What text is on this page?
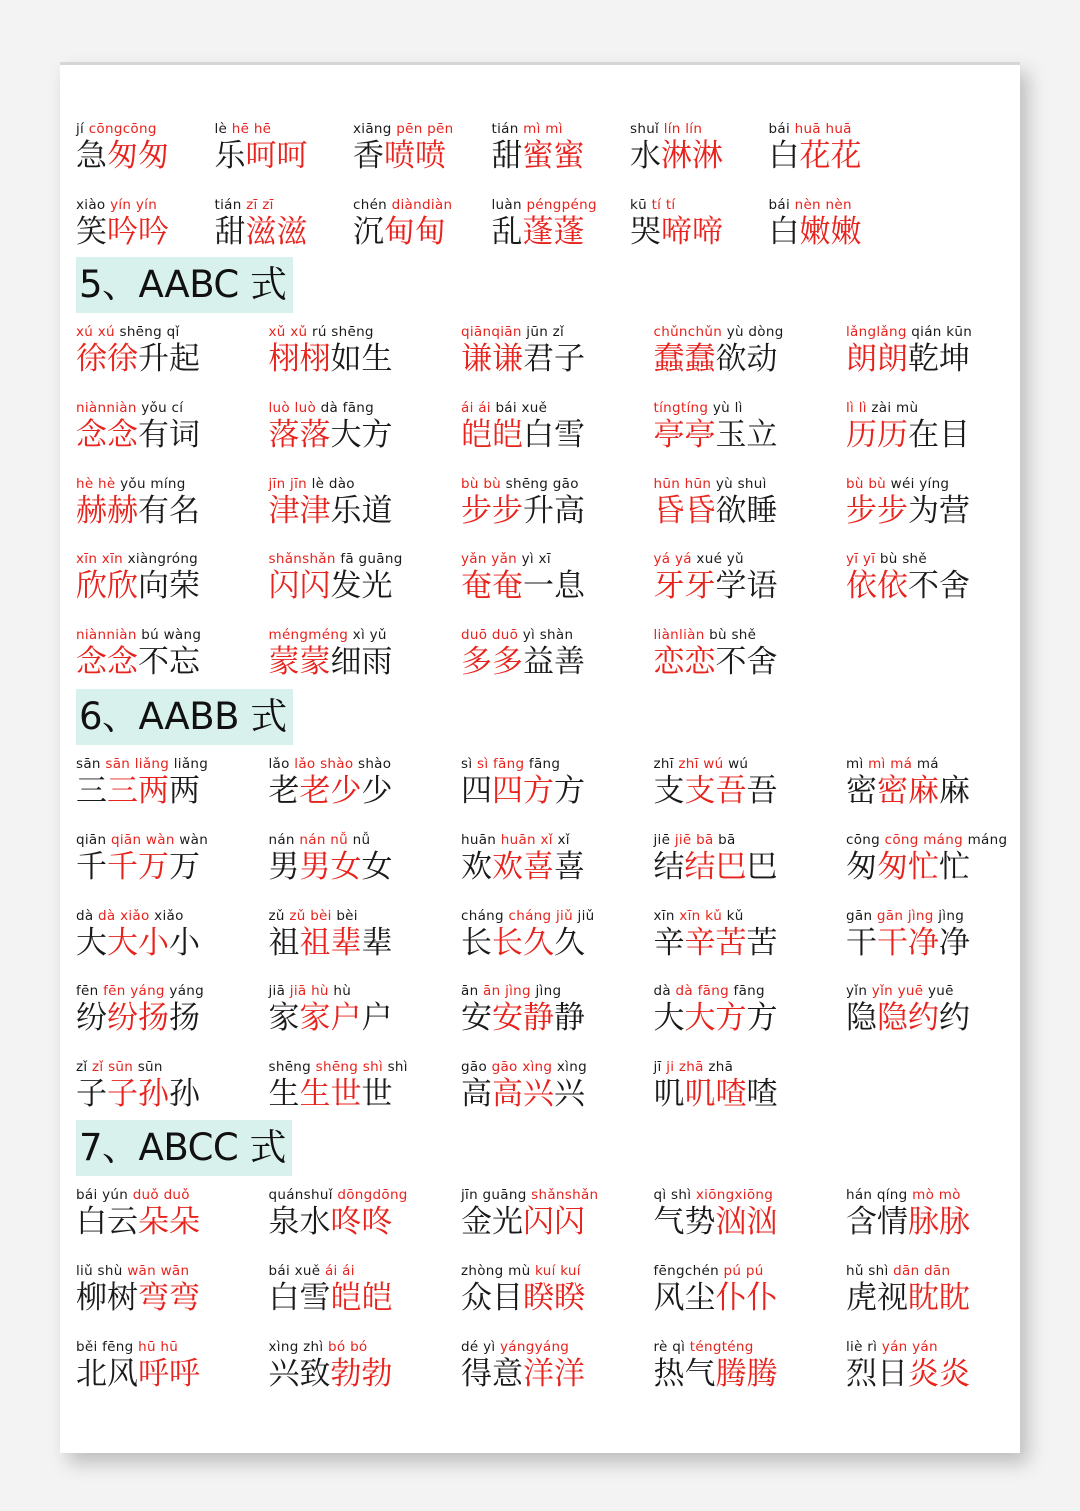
jí cōngcōng
急匆匆
lè hē hē
乐呵呵
xiāng pēn pēn
香喷喷
tián mì mì
甜蜜蜜
shuǐ lín lín
水淋淋
bái huā huā
白花花
xiào yín yín
笑吟吟
tián zī zī
甜滋滋
chén diàndiàn
沉甸甸
luàn péngpéng
乱蓬蓬
kū tí tí
哭啼啼
bái nèn nèn
白嫩嫩
5、AABC 式
xú xú shēng qǐ
徐徐升起
xǔ xǔ rú shēng
栩栩如生
qiānqiān jūn zǐ
谦谦君子
chǔnchǔn yù dòng
蠢蠢欲动
lǎnglǎng qián kūn
朗朗乾坤
niànniàn yǒu cí
念念有词
luò luò dà fāng
落落大方
ái ái bái xuě
皑皑白雪
tíngtíng yù lì
亭亭玉立
lì lì zài mù
历历在目
hè hè yǒu míng
赫赫有名
jīn jīn lè dào
津津乐道
bù bù shēng gāo
步步升高
hūn hūn yù shuì
昏昏欲睡
bù bù wéi yíng
步步为营
xīn xīn xiàngróng
欣欣向荣
shǎnshǎn fā guāng
闪闪发光
yǎn yǎn yì xī
奄奄一息
yá yá xué yǔ
牙牙学语
yī yī bù shě
依依不舍
niànniàn bú wàng
念念不忘
méngméng xì yǔ
蒙蒙细雨
duō duō yì shàn
多多益善
liànliàn bù shě
恋恋不舍
6、AABB 式
sān sān liǎng liǎng
三三两两
lǎo lǎo shào shào
老老少少
sì sì fāng fāng
四四方方
zhī zhī wú wú
支支吾吾
mì mì má má
密密麻麻
qiān qiān wàn wàn
千千万万
nán nán nǚ nǚ
男男女女
huān huān xǐ xǐ
欢欢喜喜
jiē jiē bā bā
结结巴巴
cōng cōng máng máng
匆匆忙忙
dà dà xiǎo xiǎo
大大小小
zǔ zǔ bèi bèi
祖祖辈辈
cháng cháng jiǔ jiǔ
长长久久
xīn xīn kǔ kǔ
辛辛苦苦
gān gān jìng jìng
干干净净
fēn fēn yáng yáng
纷纷扬扬
jiā jiā hù hù
家家户户
ān ān jìng jìng
安安静静
dà dà fāng fāng
大大方方
yǐn yǐn yuē yuē
隐隐约约
zǐ zǐ sūn sūn
子子孙孙
shēng shēng shì shì
生生世世
gāo gāo xìng xìng
高高兴兴
jī ji zhā zhā
叽叽喳喳
7、ABCC 式
bái yún duǒ duǒ
白云朵朵
quánshuǐ dōngdōng
泉水咚咚
jīn guāng shǎnshǎn
金光闪闪
qì shì xiōngxiōng
气势汹汹
hán qíng mò mò
含情脉脉
liǔ shù wān wān
柳树弯弯
bái xuě ái ái
白雪皑皑
zhòng mù kuí kuí
众目睽睽
fēngchén pú pú
风尘仆仆
hǔ shì dān dān
虎视眈眈
běi fēng hū hū
北风呼呼
xìng zhì bó bó
兴致勃勃
dé yì yángyáng
得意洋洋
rè qì téngténg
热气腾腾
liè rì yán yán
烈日炎炎
